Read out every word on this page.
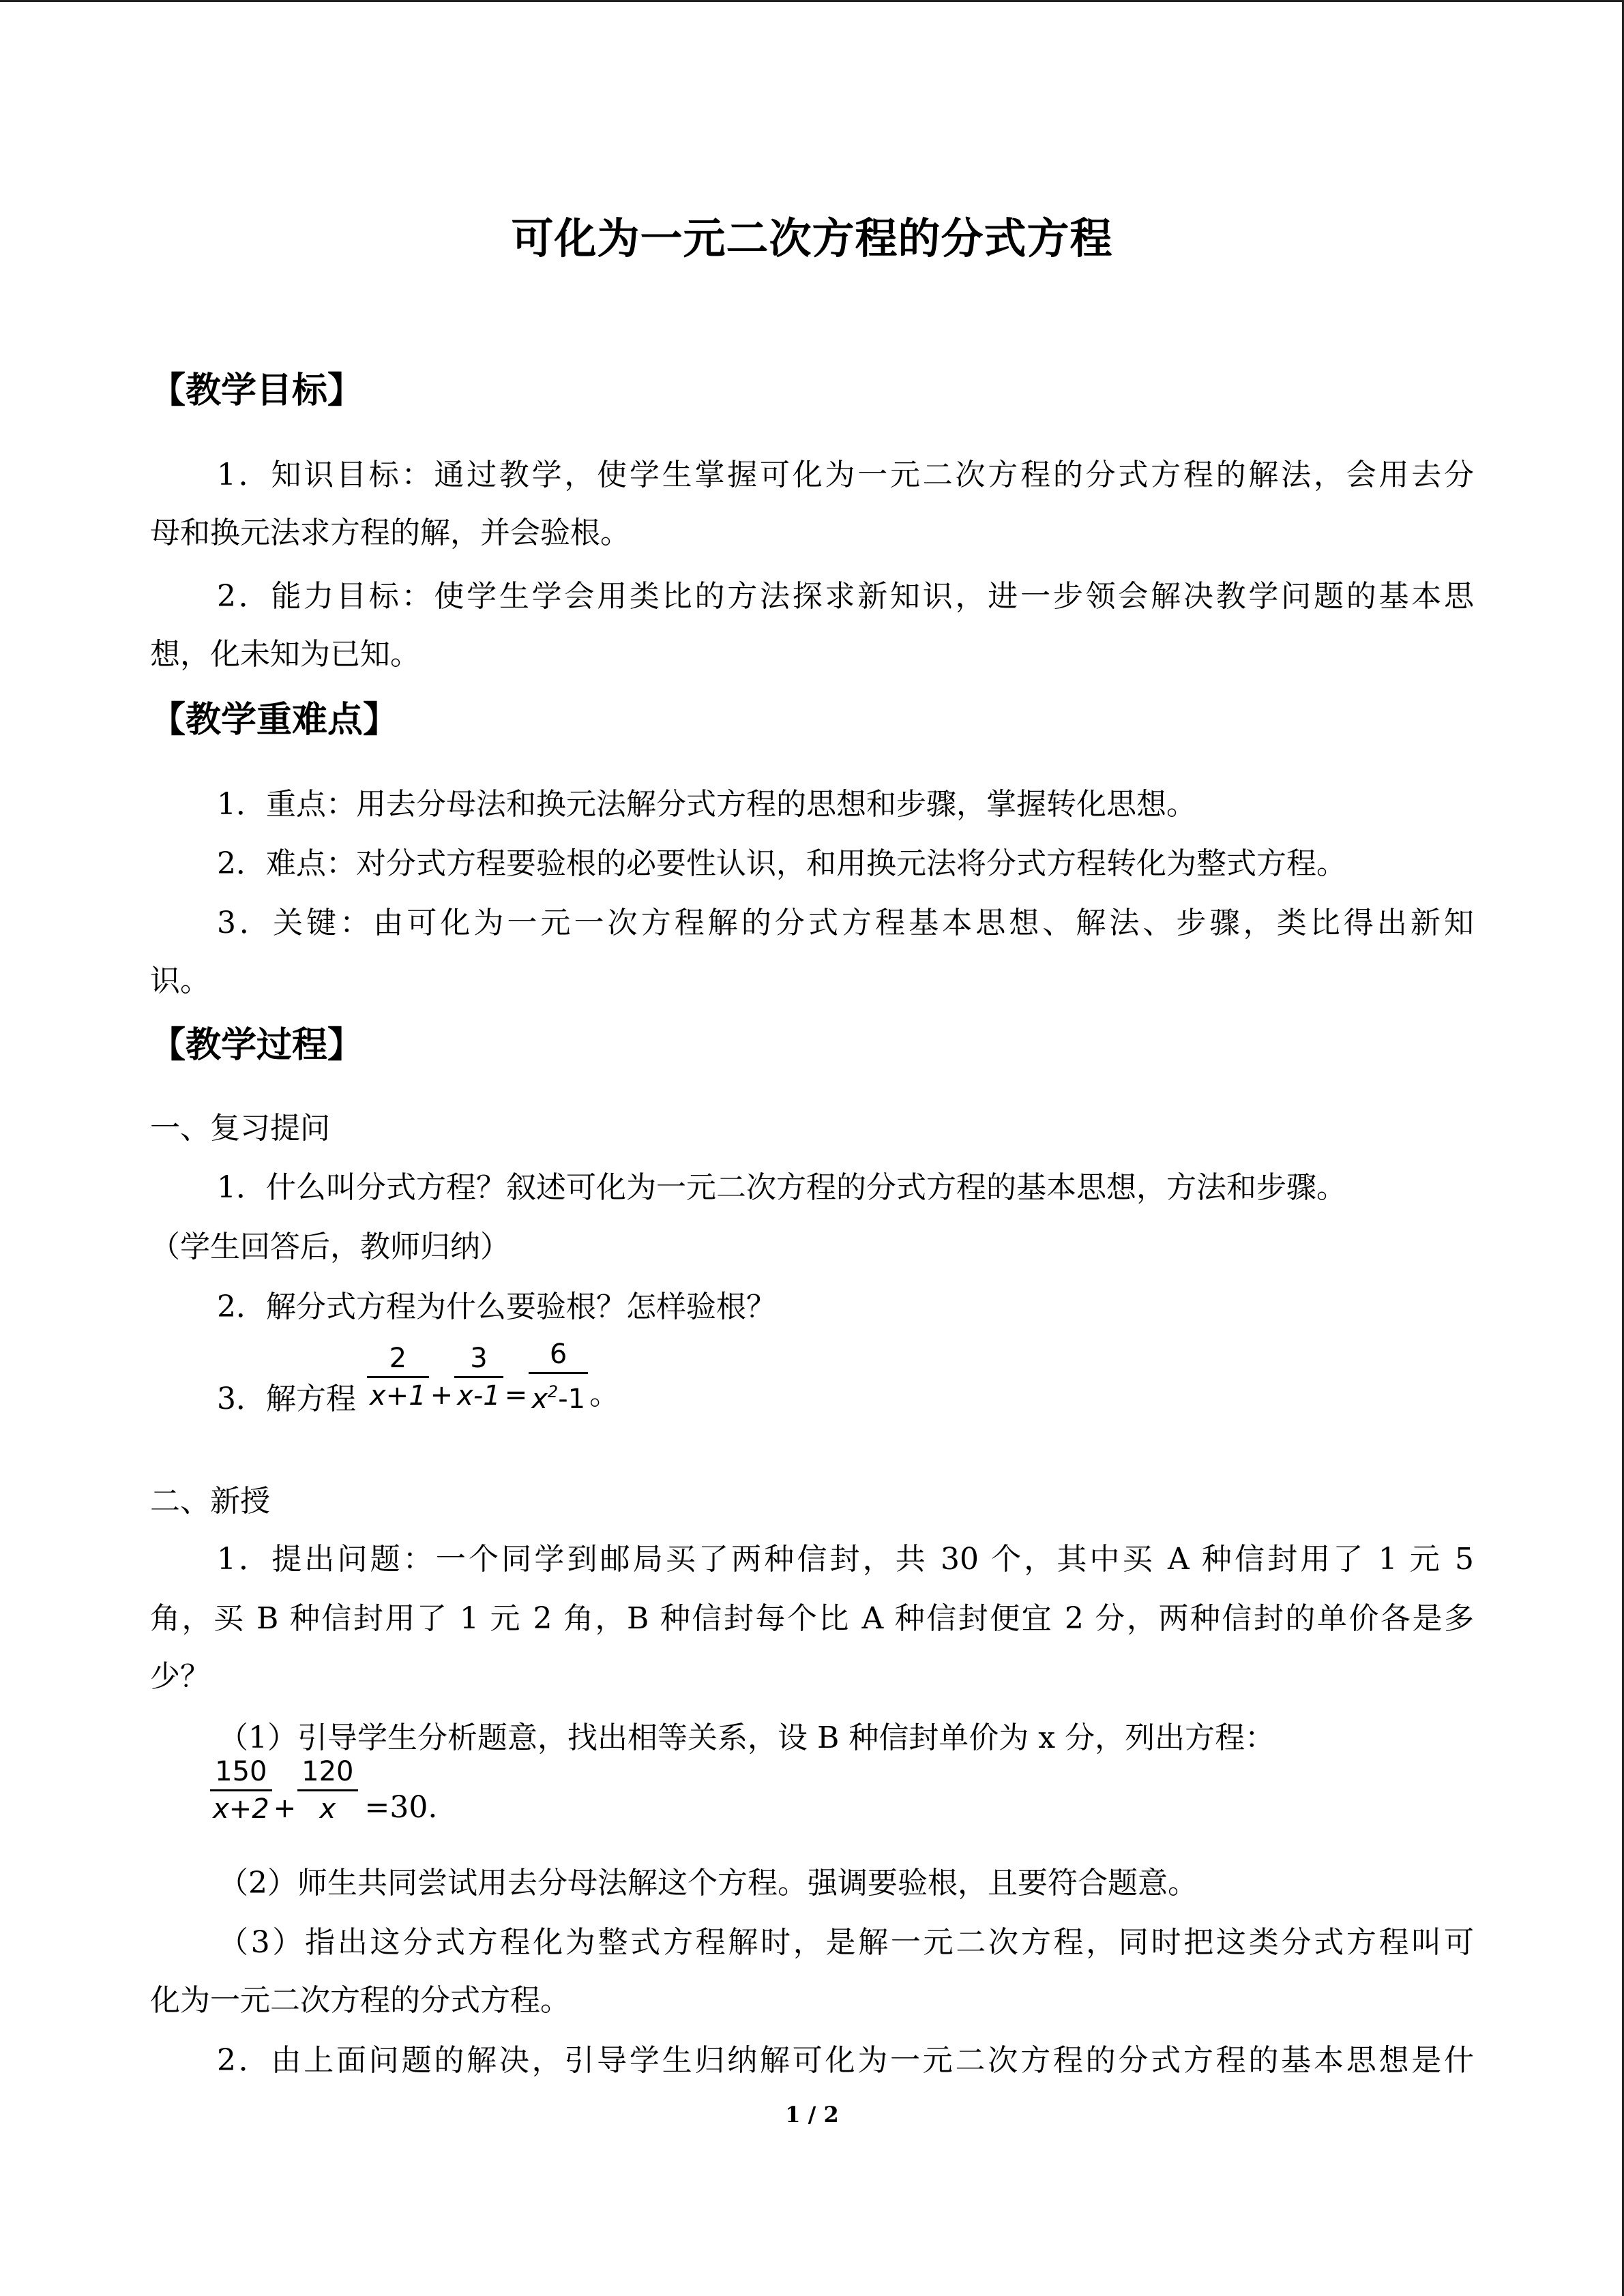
可化为一元二次方程的分式方程
【教学目标】
1．知识目标：通过教学，使学生掌握可化为一元二次方程的分式方程的解法，会用去分
母和换元法求方程的解，并会验根。
2．能力目标：使学生学会用类比的方法探求新知识，进一步领会解决教学问题的基本思
想，化未知为已知。
【教学重难点】
1．重点：用去分母法和换元法解分式方程的思想和步骤，掌握转化思想。
2．难点：对分式方程要验根的必要性认识，和用换元法将分式方程转化为整式方程。
3．关键：由可化为一元一次方程解的分式方程基本思想、解法、步骤，类比得出新知
识。
【教学过程】
一、复习提问
1．什么叫分式方程？叙述可化为一元二次方程的分式方程的基本思想，方法和步骤。
（学生回答后，教师归纳）
2．解分式方程为什么要验根？怎样验根？
3．解方程 $\frac{2}{x+1} + \frac{3}{x-1} = \frac{6}{x^2-1}$ 。
二、新授
1．提出问题：一个同学到邮局买了两种信封，共 30 个，其中买 A 种信封用了 1 元 5
角，买 B 种信封用了 1 元 2 角，B 种信封每个比 A 种信封便宜 2 分，两种信封的单价各是多
少？
（1）引导学生分析题意，找出相等关系，设 B 种信封单价为 x 分，列出方程：
$\frac{150}{x+2} + \frac{120}{x} =30$.
（2）师生共同尝试用去分母法解这个方程。强调要验根，且要符合题意。
（3）指出这分式方程化为整式方程解时，是解一元二次方程，同时把这类分式方程叫可
化为一元二次方程的分式方程。
2．由上面问题的解决，引导学生归纳解可化为一元二次方程的分式方程的基本思想是什
1 / 2
